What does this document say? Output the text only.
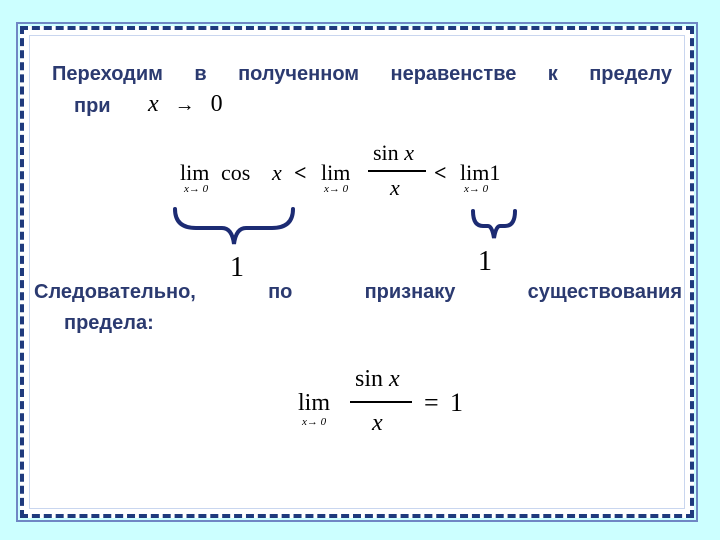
Переходим в полученном неравенстве к пределу
при x → 0
lim
x→ 0
cos x < lim
x→ 0
sin x
x
< lim1
x→ 0
1	1
Следовательно,	по	признаку	существования
предела:
lim
x→ 0
sin x
x
= 1
